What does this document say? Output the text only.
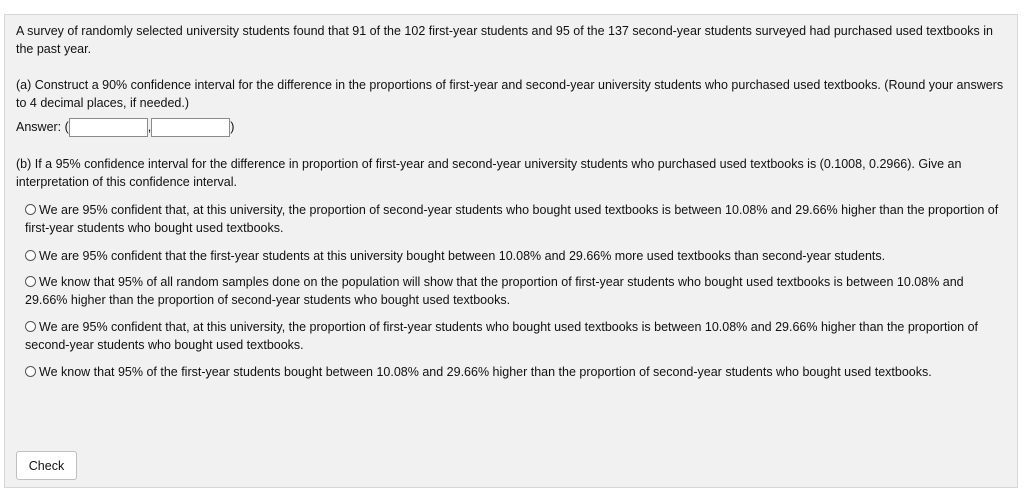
A survey of randomly selected university students found that 91 of the 102 first-year students and 95 of the 137 second-year students surveyed had purchased used textbooks in the past year.
(a) Construct a 90% confidence interval for the difference in the proportions of first-year and second-year university students who purchased used textbooks. (Round your answers to 4 decimal places, if needed.)
Answer: (	,	)
(b) If a 95% confidence interval for the difference in proportion of first-year and second-year university students who purchased used textbooks is (0.1008, 0.2966). Give an interpretation of this confidence interval.
We are 95% confident that, at this university, the proportion of second-year students who bought used textbooks is between 10.08% and 29.66% higher than the proportion of first-year students who bought used textbooks.
We are 95% confident that the first-year students at this university bought between 10.08% and 29.66% more used textbooks than second-year students.
We know that 95% of all random samples done on the population will show that the proportion of first-year students who bought used textbooks is between 10.08% and 29.66% higher than the proportion of second-year students who bought used textbooks.
We are 95% confident that, at this university, the proportion of first-year students who bought used textbooks is between 10.08% and 29.66% higher than the proportion of second-year students who bought used textbooks.
We know that 95% of the first-year students bought between 10.08% and 29.66% higher than the proportion of second-year students who bought used textbooks.
Check
